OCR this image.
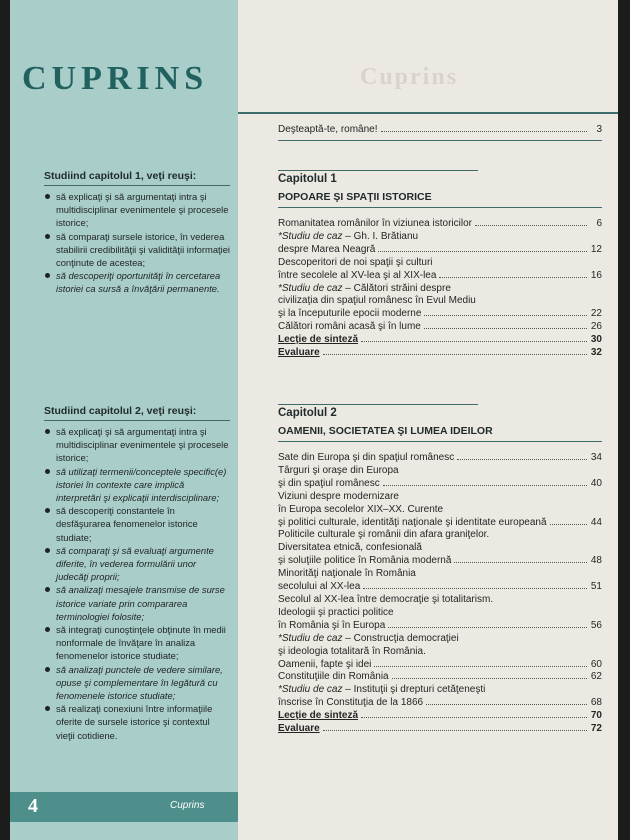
Cuprins
CUPRINS
Deşteaptă-te, române!	3
Studiind capitolul 1, veţi reuşi:
să explicaţi şi să argumentaţi intra şi multidisciplinar evenimentele şi procesele istorice;
să comparaţi sursele istorice, în vederea stabilirii credibilităţii şi validităţii informaţiei conţinute de acestea;
să descoperiţi oportunităţi în cercetarea istoriei ca sursă a învăţării permanente.
Studiind capitolul 2, veţi reuşi:
să explicaţi şi să argumentaţi intra şi multidisciplinar evenimentele şi procesele istorice;
să utilizaţi termenii/conceptele specific(e) istoriei în contexte care implică interpretări şi explicaţii interdisciplinare;
să descoperiţi constantele în desfăşurarea fenomenelor istorice studiate;
să comparaţi şi să evaluaţi argumente diferite, în vederea formulării unor judecăţi proprii;
să analizaţi mesajele transmise de surse istorice variate prin compararea terminologiei folosite;
să integraţi cunoştinţele obţinute în medii nonformale de învăţare în analiza fenomenelor istorice studiate;
să analizaţi punctele de vedere similare, opuse şi complementare în legătură cu fenomenele istorice studiate;
să realizaţi conexiuni între informaţiile oferite de sursele istorice şi contextul vieţii cotidiene.
Capitolul 1
POPOARE ŞI SPAŢII ISTORICE
Romanitatea românilor în viziunea istoricilor	6
*Studiu de caz – Gh. I. Brătianu
despre Marea Neagră	12
Descoperitori de noi spaţii şi culturi
între secolele al XV-lea şi al XIX-lea	16
*Studiu de caz – Călători străini despre
civilizaţia din spaţiul românesc în Evul Mediu
şi la începuturile epocii moderne	22
Călători români acasă şi în lume	26
Lecţie de sinteză	30
Evaluare	32
Capitolul 2
OAMENII, SOCIETATEA ŞI LUMEA IDEILOR
Sate din Europa şi din spaţiul românesc	34
Târguri şi oraşe din Europa
şi din spaţiul românesc	40
Viziuni despre modernizare
în Europa secolelor XIX–XX. Curente
şi politici culturale, identităţi naţionale şi identitate europeană	44
Politicile culturale şi românii din afara graniţelor.
Diversitatea etnică, confesională
şi soluţiile politice în România modernă	48
Minorităţi naţionale în România
secolului al XX-lea	51
Secolul al XX-lea între democraţie şi totalitarism.
Ideologii şi practici politice
în România şi în Europa	56
*Studiu de caz – Construcţia democraţiei
şi ideologia totalitară în România.
Oamenii, fapte şi idei	60
Constituţiile din România	62
*Studiu de caz – Instituţii şi drepturi cetăţeneşti
înscrise în Constituţia de la 1866	68
Lecţie de sinteză	70
Evaluare	72
4	Cuprins
